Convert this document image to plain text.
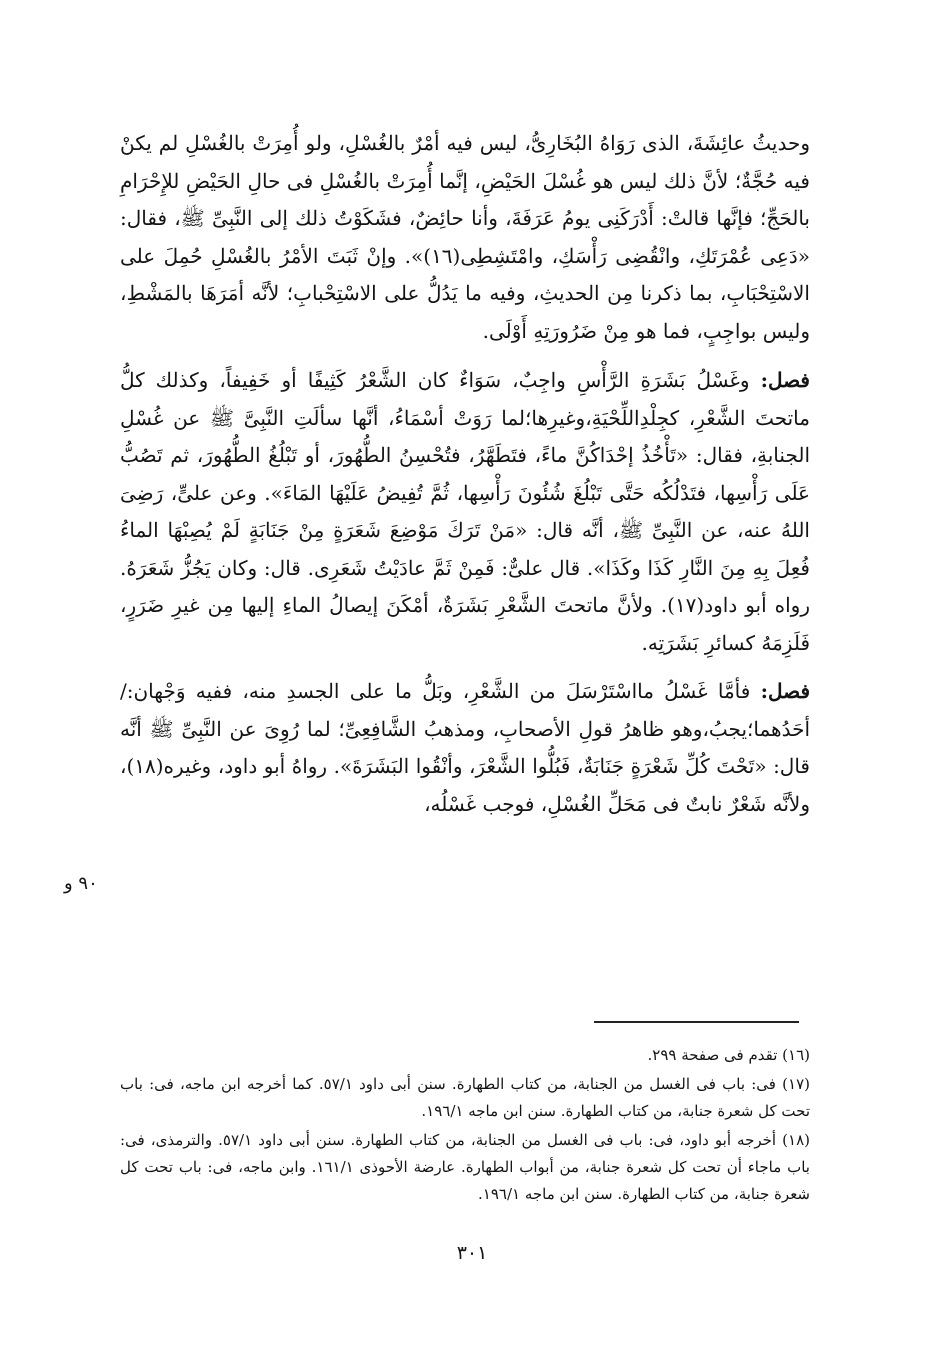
وحديثُ عائِشَةَ، الذى رَوَاهُ البُخَارِىُّ، ليس فيه أمْرٌ بالغُسْلِ، ولو أُمِرَتْ بالغُسْلِ لم يكنْ فيه حُجَّةٌ؛ لأنَّ ذلك ليس هو غُسْلَ الحَيْضِ، إنَّما أُمِرَتْ بالغُسْلِ فى حالِ الحَيْضِ للإِحْرَامِ بالحَجِّ؛ فإنَّها قالتْ: أَدْرَكَنِى يومُ عَرَفَةَ، وأنا حائِضٌ، فشَكَوْتُ ذلك إلى النَّبِىِّ ﷺ، فقال: «دَعِى عُمْرَتَكِ، وانْقُضِى رَأْسَكِ، وامْتَشِطِى(١٦)». وإنْ ثَبَتَ الأمْرُ بالغُسْلِ حُمِلَ على الاسْتِحْبَابِ، بما ذكرنا مِن الحديثِ، وفيه ما يَدُلُّ على الاسْتِحْبابِ؛ لأنَّه أمَرَهَا بالمَشْطِ، وليس بواجِبٍ، فما هو مِنْ ضَرُورَتِهِ أَوْلَى.

فصل: وغَسْلُ بَشَرَةِ الرَّأْسِ واجِبٌ، سَوَاءٌ كان الشَّعْرُ كَثِيفًا أو خَفِيفاً، وكذلك كلُّ ماتحتَ الشَّعْرِ، كجِلْدِاللِّحْيَةِ،وغيرِها؛لما رَوَتْ أسْمَاءُ، أنَّها سألَتِ النَّبِىَّ ﷺ عن غُسْلِ الجنابةِ، فقال: «تَأْخُذُ إحْدَاكُنَّ ماءً، فتَطَهَّرُ، فتُحْسِنُ الطُّهُورَ، أو تَبْلُغُ الطُّهُورَ، ثم تَصُبُّ عَلَى رَأْسِها، فتَدْلُكُه حَتَّى تَبْلُغَ شُئُونَ رَأْسِها، ثُمَّ تُفِيضُ عَلَيْهَا المَاءَ». وعن علىٍّ، رَضِىَ اللهُ عنه، عن النَّبِىِّ ﷺ، أنَّه قال: «مَنْ تَرَكَ مَوْضِعَ شَعَرَةٍ مِنْ جَنَابَةٍ لَمْ يُصِبْهَا الماءُ فُعِلَ بِهِ مِنَ النَّارِ كَذَا وكَذَا». قال علىٌّ: فَمِنْ ثَمَّ عادَيْتُ شَعَرِى. قال: وكان يَجُزُّ شَعَرَهُ. رواه أبو داود(١٧). ولأنَّ ماتحتَ الشَّعْرِ بَشَرَةٌ، أمْكَنَ إيصالُ الماءِ إليها مِن غيرِ ضَرَرٍ، فَلَزِمَهُ كسائرِ بَشَرَتِه.

فصل: فأمَّا غَسْلُ مااسْتَرْسَلَ من الشَّعْرِ، وبَلُّ ما على الجسدِ منه، ففيه وَجْهان:/ أحَدُهما؛يجبُ،وهو ظاهرُ قولِ الأصحابِ، ومذهبُ الشَّافِعِىِّ؛ لما رُوِىَ عن النَّبِىِّ ﷺ أنَّه قال: «تَحْتَ كُلِّ شَعْرَةٍ جَنَابَةٌ، فَبُلُّوا الشَّعْرَ، وأنْقُوا البَشَرَةَ». رواهُ أبو داود، وغيره(١٨)، ولأنَّه شَعْرٌ نابتٌ فى مَحَلِّ الغُسْلِ، فوجب غَسْلُه،

٩٠ و

(١٦) تقدم فى صفحة ٢٩٩.

(١٧) فى: باب فى الغسل من الجنابة، من كتاب الطهارة. سنن أبى داود ١/‏٥٧. كما أخرجه ابن ماجه، فى: باب تحت كل شعرة جنابة، من كتاب الطهارة. سنن ابن ماجه ١/‏١٩٦.

(١٨) أخرجه أبو داود، فى: باب فى الغسل من الجنابة، من كتاب الطهارة. سنن أبى داود ١/‏٥٧. والترمذى، فى: باب ماجاء أن تحت كل شعرة جنابة، من أبواب الطهارة. عارضة الأحوذى ١/‏١٦١. وابن ماجه، فى: باب تحت كل شعرة جنابة، من كتاب الطهارة. سنن ابن ماجه ١/‏١٩٦.

٣٠١
